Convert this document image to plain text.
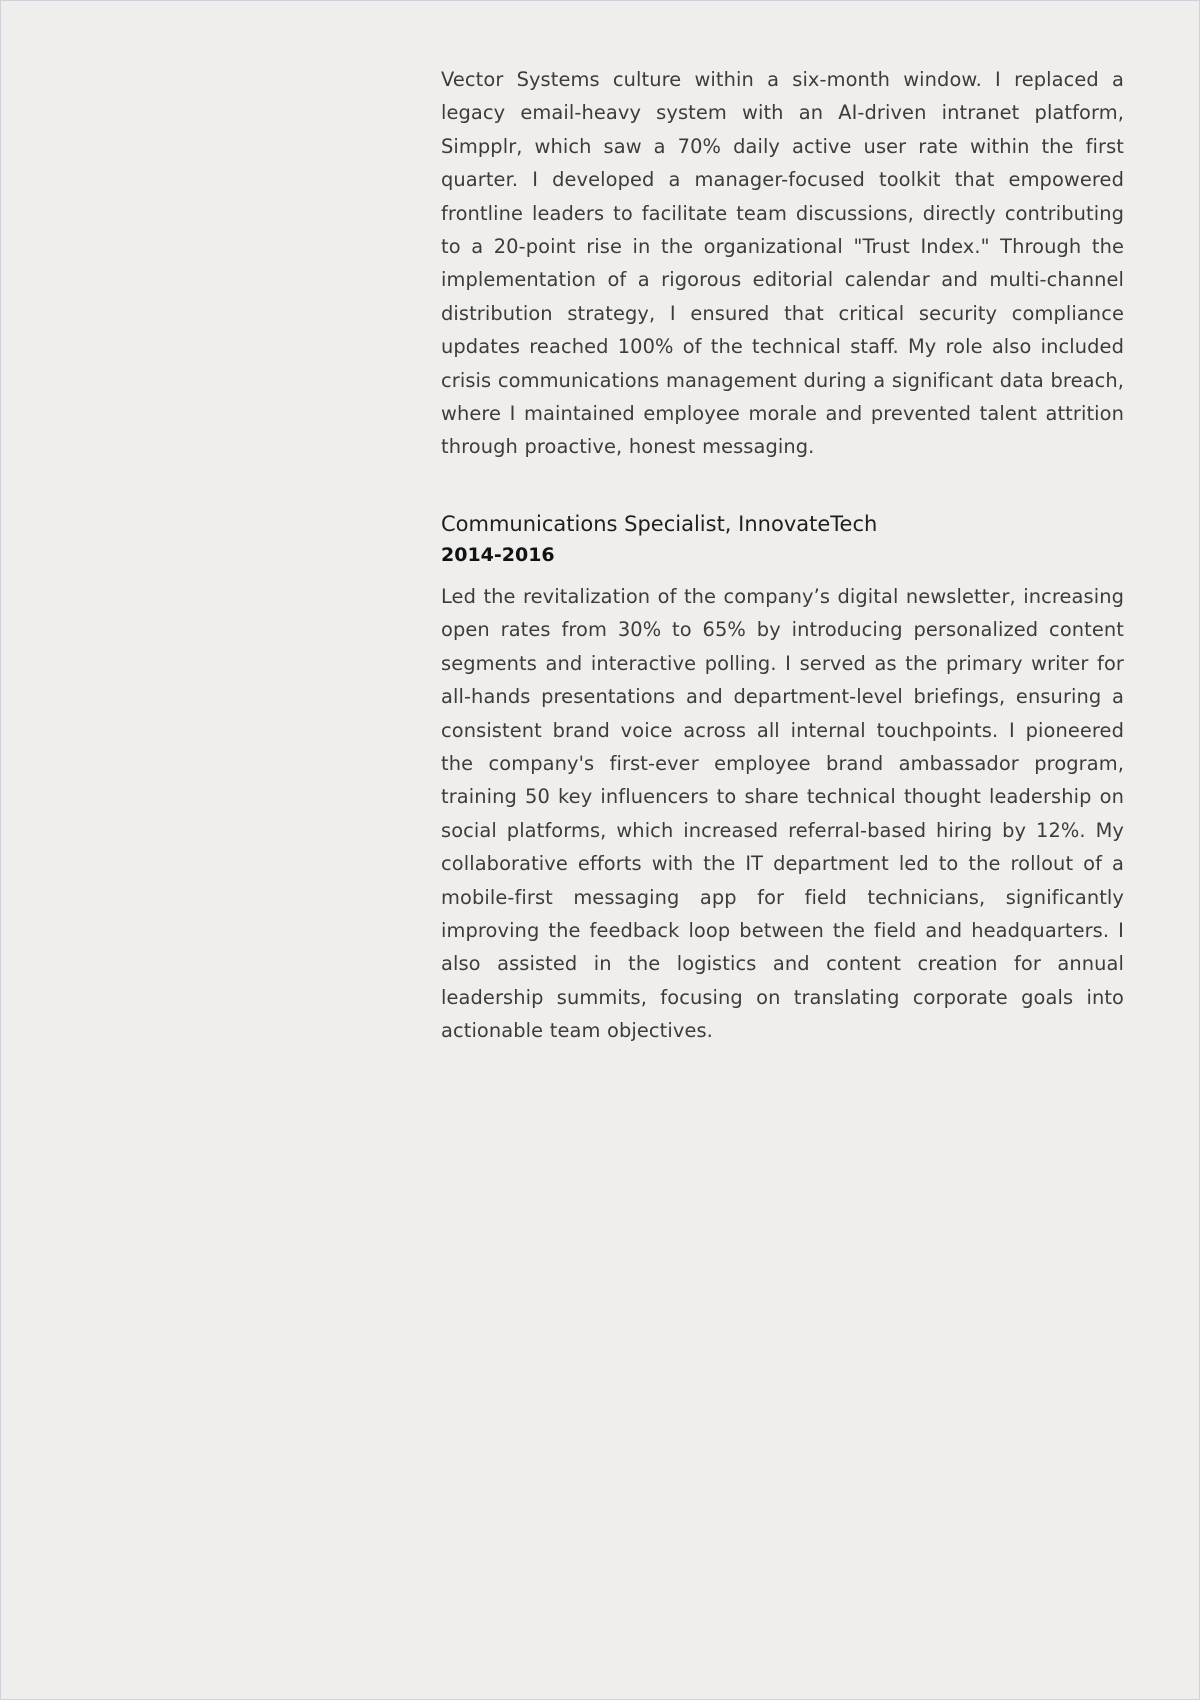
Vector Systems culture within a six-month window. I replaced a legacy email-heavy system with an AI-driven intranet platform, Simpplr, which saw a 70% daily active user rate within the first quarter. I developed a manager-focused toolkit that empowered frontline leaders to facilitate team discussions, directly contributing to a 20-point rise in the organizational "Trust Index." Through the implementation of a rigorous editorial calendar and multi-channel distribution strategy, I ensured that critical security compliance updates reached 100% of the technical staff. My role also included crisis communications management during a significant data breach, where I maintained employee morale and prevented talent attrition through proactive, honest messaging.

Communications Specialist, InnovateTech
2014-2016

Led the revitalization of the company’s digital newsletter, increasing open rates from 30% to 65% by introducing personalized content segments and interactive polling. I served as the primary writer for all-hands presentations and department-level briefings, ensuring a consistent brand voice across all internal touchpoints. I pioneered the company's first-ever employee brand ambassador program, training 50 key influencers to share technical thought leadership on social platforms, which increased referral-based hiring by 12%. My collaborative efforts with the IT department led to the rollout of a mobile-first messaging app for field technicians, significantly improving the feedback loop between the field and headquarters. I also assisted in the logistics and content creation for annual leadership summits, focusing on translating corporate goals into actionable team objectives.
